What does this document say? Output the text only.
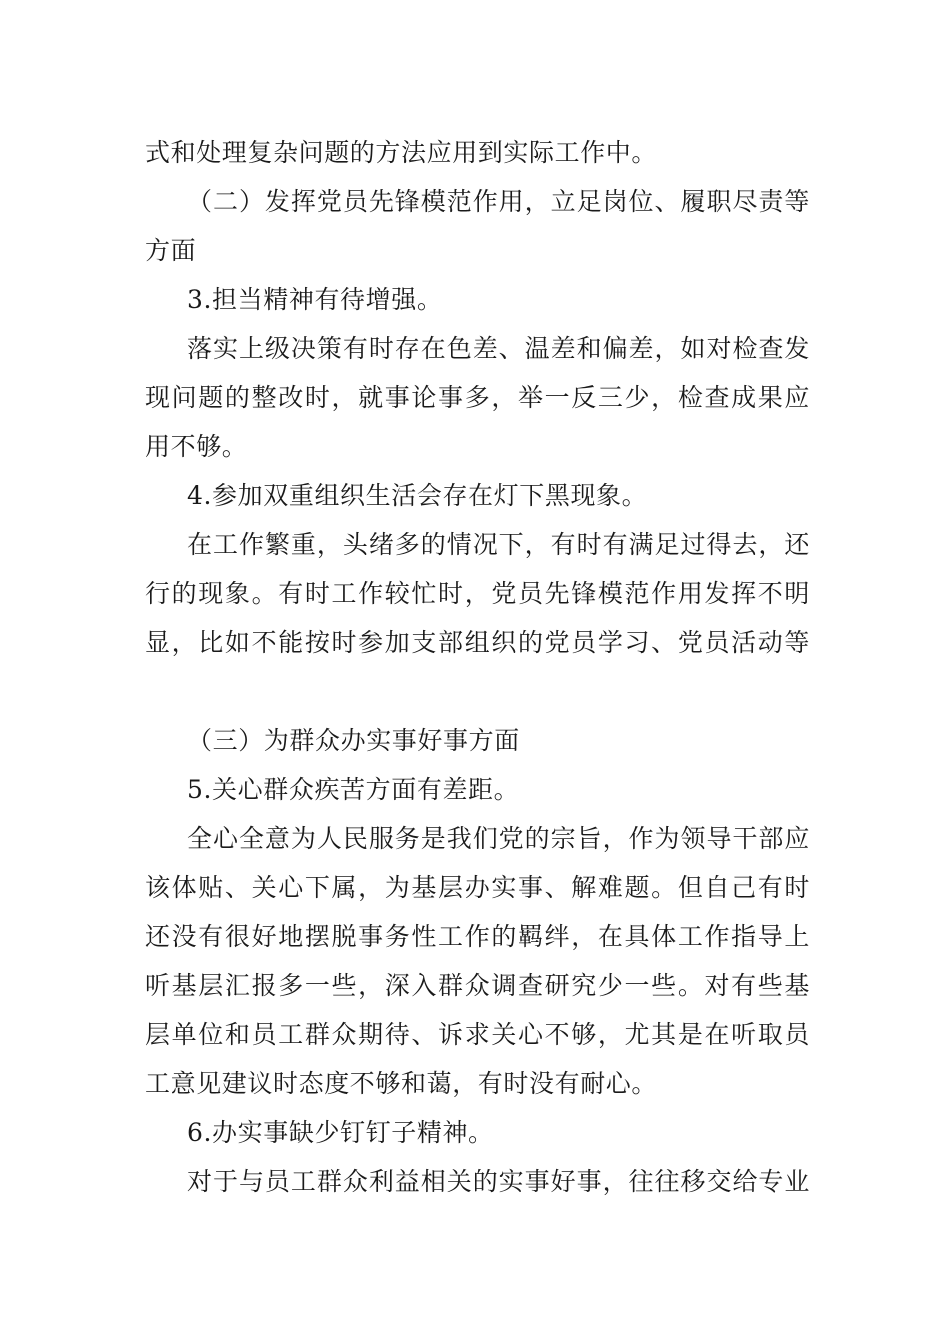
式和处理复杂问题的方法应用到实际工作中。
（二）发挥党员先锋模范作用，立足岗位、履职尽责等
方面
3.担当精神有待增强。
落实上级决策有时存在色差、温差和偏差，如对检查发
现问题的整改时，就事论事多，举一反三少，检查成果应
用不够。
4.参加双重组织生活会存在灯下黑现象。
在工作繁重，头绪多的情况下，有时有满足过得去，还
行的现象。有时工作较忙时，党员先锋模范作用发挥不明
显，比如不能按时参加支部组织的党员学习、党员活动等
（三）为群众办实事好事方面
5.关心群众疾苦方面有差距。
全心全意为人民服务是我们党的宗旨，作为领导干部应
该体贴、关心下属，为基层办实事、解难题。但自己有时
还没有很好地摆脱事务性工作的羁绊，在具体工作指导上
听基层汇报多一些，深入群众调查研究少一些。对有些基
层单位和员工群众期待、诉求关心不够，尤其是在听取员
工意见建议时态度不够和蔼，有时没有耐心。
6.办实事缺少钉钉子精神。
对于与员工群众利益相关的实事好事，往往移交给专业
